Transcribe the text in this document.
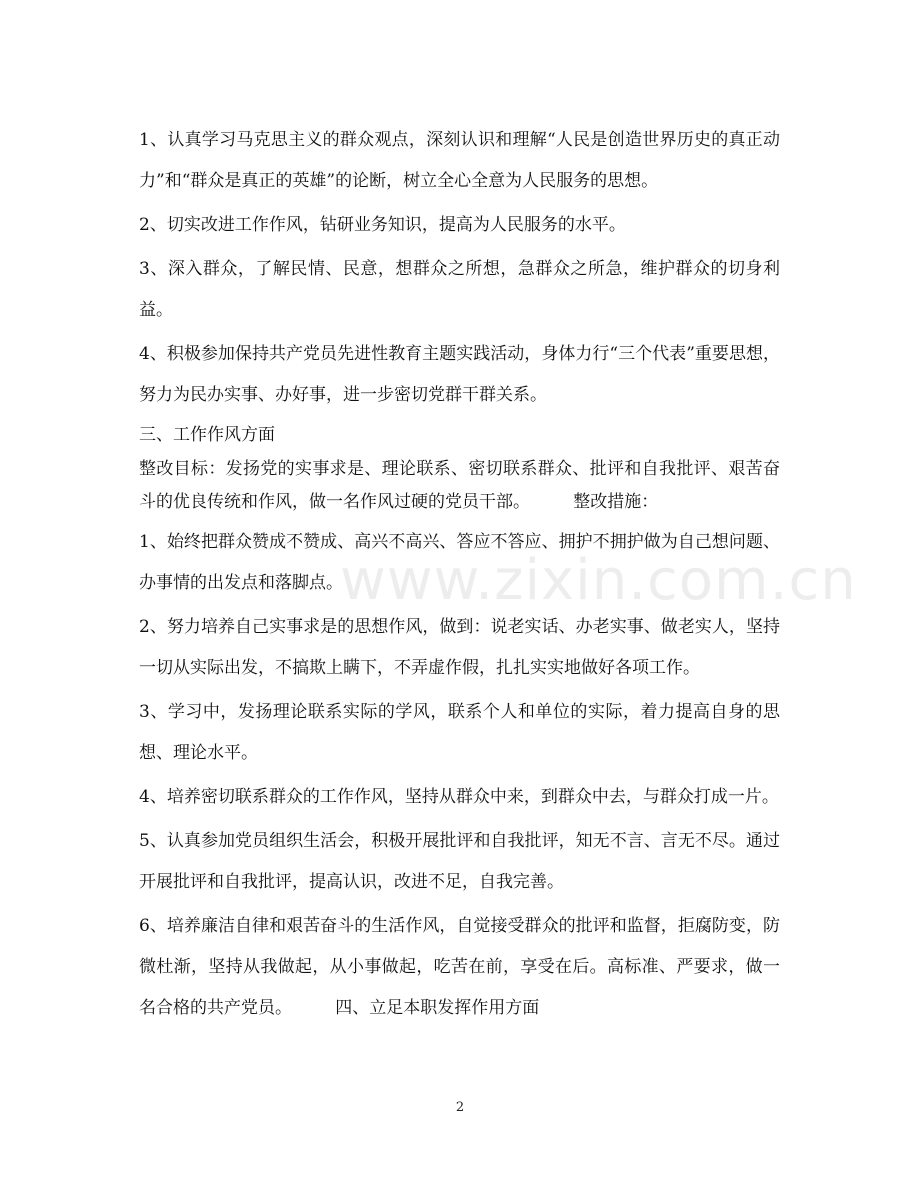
1、认真学习马克思主义的群众观点，深刻认识和理解“人民是创造世界历史的真正动力”和“群众是真正的英雄”的论断，树立全心全意为人民服务的思想。

2、切实改进工作作风，钻研业务知识，提高为人民服务的水平。

3、深入群众，了解民情、民意，想群众之所想，急群众之所急，维护群众的切身利益。

4、积极参加保持共产党员先进性教育主题实践活动，身体力行“三个代表”重要思想，努力为民办实事、办好事，进一步密切党群干群关系。

三、工作作风方面

整改目标：发扬党的实事求是、理论联系、密切联系群众、批评和自我批评、艰苦奋斗的优良传统和作风，做一名作风过硬的党员干部。        整改措施：

1、始终把群众赞成不赞成、高兴不高兴、答应不答应、拥护不拥护做为自己想问题、办事情的出发点和落脚点。

2、努力培养自己实事求是的思想作风，做到：说老实话、办老实事、做老实人，坚持一切从实际出发，不搞欺上瞒下，不弄虚作假，扎扎实实地做好各项工作。

3、学习中，发扬理论联系实际的学风，联系个人和单位的实际，着力提高自身的思想、理论水平。

4、培养密切联系群众的工作作风，坚持从群众中来，到群众中去，与群众打成一片。

5、认真参加党员组织生活会，积极开展批评和自我批评，知无不言、言无不尽。通过开展批评和自我批评，提高认识，改进不足，自我完善。

6、培养廉洁自律和艰苦奋斗的生活作风，自觉接受群众的批评和监督，拒腐防变，防微杜渐，坚持从我做起，从小事做起，吃苦在前，享受在后。高标准、严要求，做一名合格的共产党员。        四、立足本职发挥作用方面

www.zixin.com.cn
2
